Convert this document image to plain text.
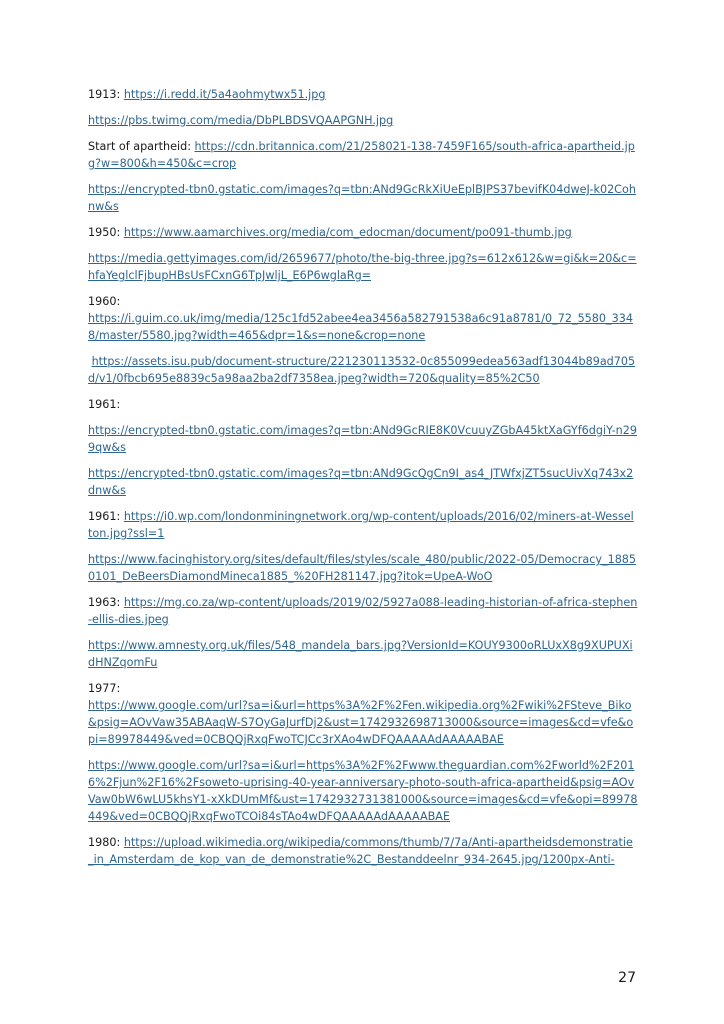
1913: https://i.redd.it/5a4aohmytwx51.jpg

https://pbs.twimg.com/media/DbPLBDSVQAAPGNH.jpg

Start of apartheid: https://cdn.britannica.com/21/258021-138-7459F165/south-africa-apartheid.jpg?w=800&h=450&c=crop

https://encrypted-tbn0.gstatic.com/images?q=tbn:ANd9GcRkXiUeEplBJPS37bevifK04dweJ-k02Cohnw&s

1950: https://www.aamarchives.org/media/com_edocman/document/po091-thumb.jpg

https://media.gettyimages.com/id/2659677/photo/the-big-three.jpg?s=612x612&w=gi&k=20&c=hfaYeglclFjbupHBsUsFCxnG6TpJwljL_E6P6wglaRg=

1960:
https://i.guim.co.uk/img/media/125c1fd52abee4ea3456a582791538a6c91a8781/0_72_5580_3348/master/5580.jpg?width=465&dpr=1&s=none&crop=none

https://assets.isu.pub/document-structure/221230113532-0c855099edea563adf13044b89ad705d/v1/0fbcb695e8839c5a98aa2ba2df7358ea.jpeg?width=720&quality=85%2C50

1961:

https://encrypted-tbn0.gstatic.com/images?q=tbn:ANd9GcRIE8K0VcuuyZGbA45ktXaGYf6dgiY-n299qw&s

https://encrypted-tbn0.gstatic.com/images?q=tbn:ANd9GcQgCn9I_as4_JTWfxjZT5sucUivXq743x2dnw&s

1961: https://i0.wp.com/londonminingnetwork.org/wp-content/uploads/2016/02/miners-at-Wesselton.jpg?ssl=1

https://www.facinghistory.org/sites/default/files/styles/scale_480/public/2022-05/Democracy_18850101_DeBeersDiamondMineca1885_%20FH281147.jpg?itok=UpeA-WoO

1963: https://mg.co.za/wp-content/uploads/2019/02/5927a088-leading-historian-of-africa-stephen-ellis-dies.jpeg

https://www.amnesty.org.uk/files/548_mandela_bars.jpg?VersionId=KOUY9300oRLUxX8g9XUPUXidHNZqomFu

1977:
https://www.google.com/url?sa=i&url=https%3A%2F%2Fen.wikipedia.org%2Fwiki%2FSteve_Biko&psig=AOvVaw35ABAaqW-S7OyGaJurfDj2&ust=1742932698713000&source=images&cd=vfe&opi=89978449&ved=0CBQQjRxqFwoTCJCc3rXAo4wDFQAAAAAdAAAAABAE

https://www.google.com/url?sa=i&url=https%3A%2F%2Fwww.theguardian.com%2Fworld%2F2016%2Fjun%2F16%2Fsoweto-uprising-40-year-anniversary-photo-south-africa-apartheid&psig=AOvVaw0bW6wLU5khsY1-xXkDUmMf&ust=1742932731381000&source=images&cd=vfe&opi=89978449&ved=0CBQQjRxqFwoTCOi84sTAo4wDFQAAAAAdAAAAABAE

1980: https://upload.wikimedia.org/wikipedia/commons/thumb/7/7a/Anti-apartheidsdemonstratie_in_Amsterdam_de_kop_van_de_demonstratie%2C_Bestanddeelnr_934-2645.jpg/1200px-Anti-

27
